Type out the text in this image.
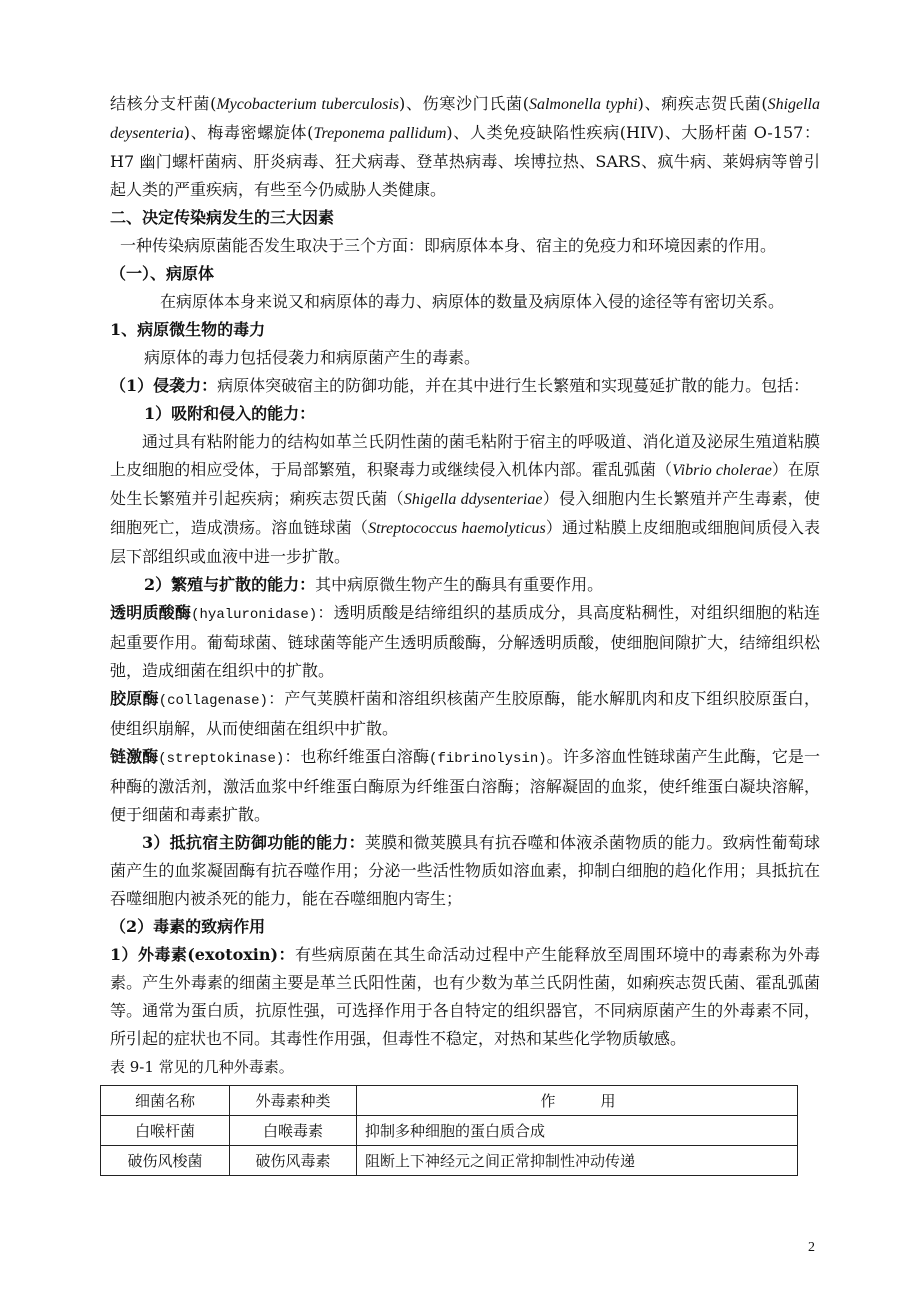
结核分支杆菌(Mycobacterium tuberculosis)、伤寒沙门氏菌(Salmonella typhi)、痢疾志贺氏菌(Shigella deysenteria)、梅毒密螺旋体(Treponema pallidum)、人类免疫缺陷性疾病(HIV)、大肠杆菌 O-157：H7 幽门螺杆菌病、肝炎病毒、狂犬病毒、登革热病毒、埃博拉热、SARS、疯牛病、莱姆病等曾引起人类的严重疾病，有些至今仍威胁人类健康。

二、决定传染病发生的三大因素

一种传染病原菌能否发生取决于三个方面：即病原体本身、宿主的免疫力和环境因素的作用。

（一）、病原体

在病原体本身来说又和病原体的毒力、病原体的数量及病原体入侵的途径等有密切关系。

1、病原微生物的毒力

病原体的毒力包括侵袭力和病原菌产生的毒素。

（1）侵袭力：病原体突破宿主的防御功能，并在其中进行生长繁殖和实现蔓延扩散的能力。包括：

1）吸附和侵入的能力：

通过具有粘附能力的结构如革兰氏阴性菌的菌毛粘附于宿主的呼吸道、消化道及泌尿生殖道粘膜上皮细胞的相应受体，于局部繁殖，积聚毒力或继续侵入机体内部。霍乱弧菌（Vibrio cholerae）在原处生长繁殖并引起疾病；痢疾志贺氏菌（Shigella ddysenteriae）侵入细胞内生长繁殖并产生毒素，使细胞死亡，造成溃疡。溶血链球菌（Streptococcus haemolyticus）通过粘膜上皮细胞或细胞间质侵入表层下部组织或血液中进一步扩散。

2）繁殖与扩散的能力：其中病原微生物产生的酶具有重要作用。

透明质酸酶(hyaluronidase)：透明质酸是结缔组织的基质成分，具高度粘稠性，对组织细胞的粘连起重要作用。葡萄球菌、链球菌等能产生透明质酸酶，分解透明质酸，使细胞间隙扩大，结缔组织松弛，造成细菌在组织中的扩散。

胶原酶(collagenase)：产气荚膜杆菌和溶组织核菌产生胶原酶，能水解肌肉和皮下组织胶原蛋白，使组织崩解，从而使细菌在组织中扩散。

链激酶(streptokinase)：也称纤维蛋白溶酶(fibrinolysin)。许多溶血性链球菌产生此酶，它是一种酶的激活剂，激活血浆中纤维蛋白酶原为纤维蛋白溶酶；溶解凝固的血浆，使纤维蛋白凝块溶解，便于细菌和毒素扩散。

3）抵抗宿主防御功能的能力：荚膜和微荚膜具有抗吞噬和体液杀菌物质的能力。致病性葡萄球菌产生的血浆凝固酶有抗吞噬作用；分泌一些活性物质如溶血素，抑制白细胞的趋化作用；具抵抗在吞噬细胞内被杀死的能力，能在吞噬细胞内寄生；

（2）毒素的致病作用

1）外毒素(exotoxin)：有些病原菌在其生命活动过程中产生能释放至周围环境中的毒素称为外毒素。产生外毒素的细菌主要是革兰氏阳性菌，也有少数为革兰氏阴性菌，如痢疾志贺氏菌、霍乱弧菌等。通常为蛋白质，抗原性强，可选择作用于各自特定的组织器官，不同病原菌产生的外毒素不同，所引起的症状也不同。其毒性作用强，但毒性不稳定，对热和某些化学物质敏感。

表 9-1 常见的几种外毒素。

细菌名称	外毒素种类	作　　　用
白喉杆菌	白喉毒素	抑制多种细胞的蛋白质合成
破伤风梭菌	破伤风毒素	阻断上下神经元之间正常抑制性冲动传递
2
